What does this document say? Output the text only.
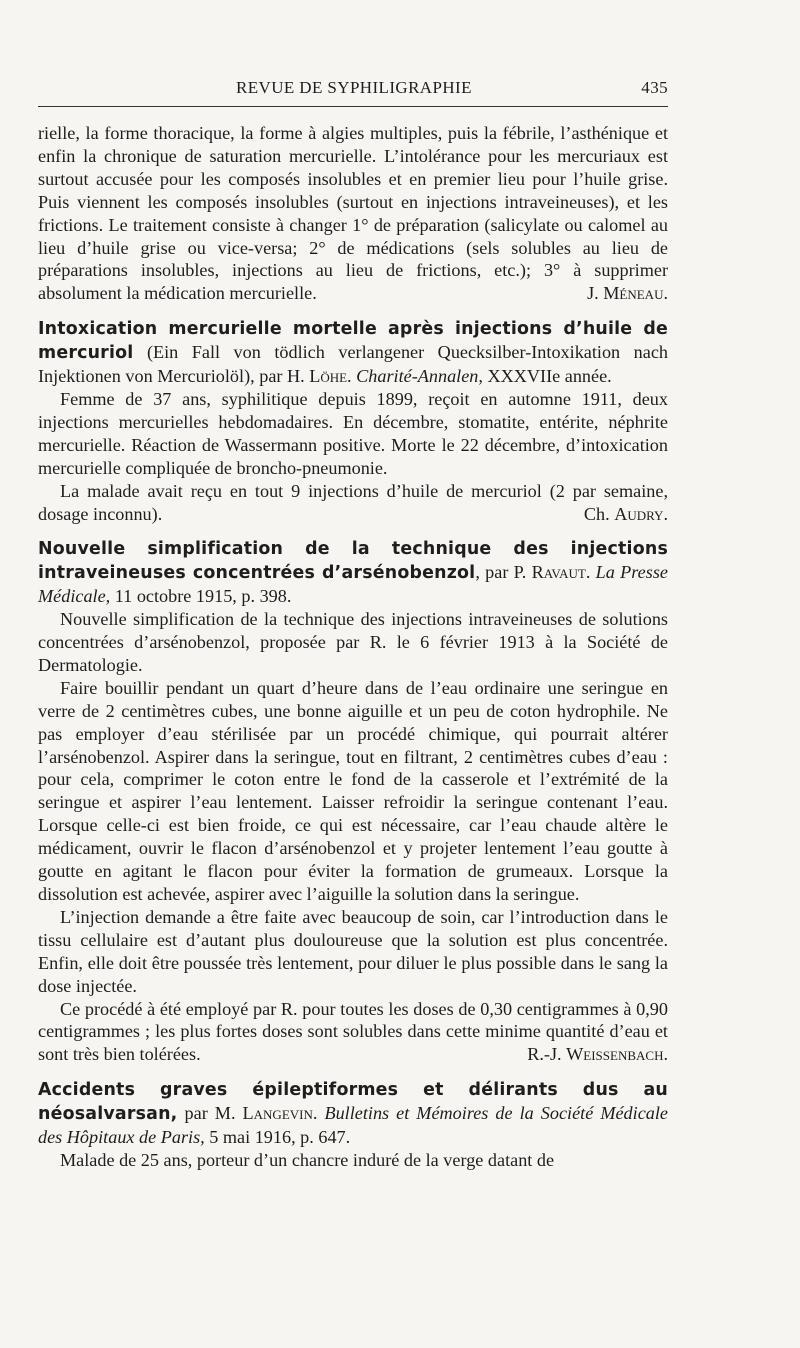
REVUE DE SYPHILIGRAPHIE	435

rielle, la forme thoracique, la forme à algies multiples, puis la fébrile, l’asthénique et enfin la chronique de saturation mercurielle. L’intolérance pour les mercuriaux est surtout accusée pour les composés insolubles et en premier lieu pour l’huile grise. Puis viennent les composés insolubles (surtout en injections intraveineuses), et les frictions. Le traitement consiste à changer 1° de préparation (salicylate ou calomel au lieu d’huile grise ou vice-versa; 2° de médications (sels solubles au lieu de préparations insolubles, injections au lieu de frictions, etc.); 3° à supprimer absolument la médication mercurielle.	J. Méneau.

Intoxication mercurielle mortelle après injections d’huile de mercuriol (Ein Fall von tödlich verlangener Quecksilber-Intoxikation nach Injektionen von Mercuriolöl), par H. Löhe. Charité-Annalen, XXXVIIe année.

Femme de 37 ans, syphilitique depuis 1899, reçoit en automne 1911, deux injections mercurielles hebdomadaires. En décembre, stomatite, entérite, néphrite mercurielle. Réaction de Wassermann positive. Morte le 22 décembre, d’intoxication mercurielle compliquée de broncho-pneumonie.

La malade avait reçu en tout 9 injections d’huile de mercuriol (2 par semaine, dosage inconnu).	Ch. Audry.

Nouvelle simplification de la technique des injections intraveineuses concentrées d’arsénobenzol, par P. Ravaut. La Presse Médicale, 11 octobre 1915, p. 398.

Nouvelle simplification de la technique des injections intraveineuses de solutions concentrées d’arsénobenzol, proposée par R. le 6 février 1913 à la Société de Dermatologie.

Faire bouillir pendant un quart d’heure dans de l’eau ordinaire une seringue en verre de 2 centimètres cubes, une bonne aiguille et un peu de coton hydrophile. Ne pas employer d’eau stérilisée par un procédé chimique, qui pourrait altérer l’arsénobenzol. Aspirer dans la seringue, tout en filtrant, 2 centimètres cubes d’eau : pour cela, comprimer le coton entre le fond de la casserole et l’extrémité de la seringue et aspirer l’eau lentement. Laisser refroidir la seringue contenant l’eau. Lorsque celle-ci est bien froide, ce qui est nécessaire, car l’eau chaude altère le médicament, ouvrir le flacon d’arsénobenzol et y projeter lentement l’eau goutte à goutte en agitant le flacon pour éviter la formation de grumeaux. Lorsque la dissolution est achevée, aspirer avec l’aiguille la solution dans la seringue.

L’injection demande a être faite avec beaucoup de soin, car l’introduction dans le tissu cellulaire est d’autant plus douloureuse que la solution est plus concentrée. Enfin, elle doit être poussée très lentement, pour diluer le plus possible dans le sang la dose injectée.

Ce procédé à été employé par R. pour toutes les doses de 0,30 centigrammes à 0,90 centigrammes ; les plus fortes doses sont solubles dans cette minime quantité d’eau et sont très bien tolérées.	R.-J. Weissenbach.

Accidents graves épileptiformes et délirants dus au néosalvarsan, par M. Langevin. Bulletins et Mémoires de la Société Médicale des Hôpitaux de Paris, 5 mai 1916, p. 647.

Malade de 25 ans, porteur d’un chancre induré de la verge datant de
